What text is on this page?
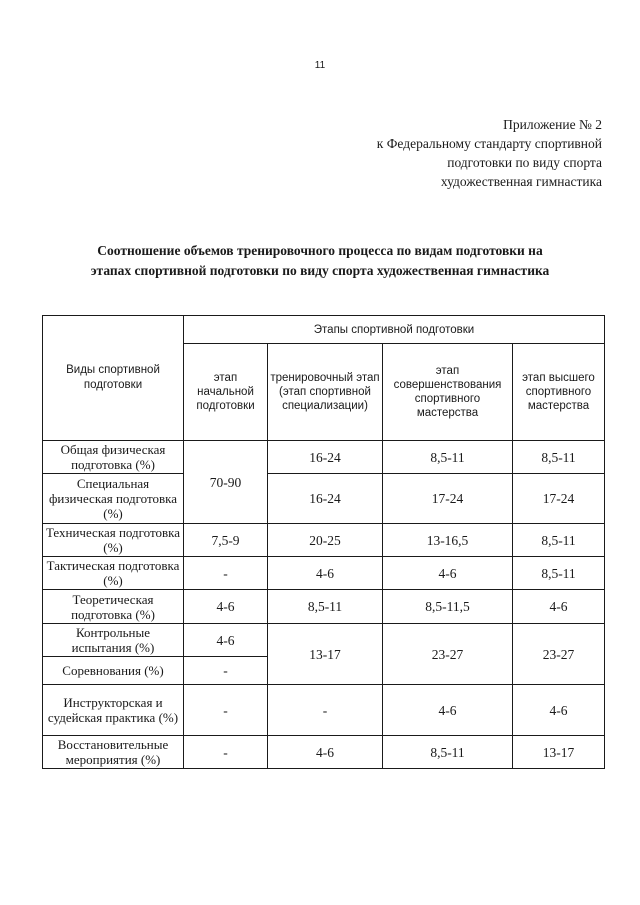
11
Приложение № 2
к Федеральному стандарту спортивной
подготовки по виду спорта
художественная гимнастика
Соотношение объемов тренировочного процесса по видам подготовки на
этапах спортивной подготовки по виду спорта художественная гимнастика
Виды спортивной подготовки	Этапы спортивной подготовки			
	этап начальной подготовки	тренировочный этап (этап спортивной специализации)	этап совершенствования спортивного мастерства	этап высшего спортивного мастерства
Общая физическая подготовка (%)	70-90	16-24	8,5-11	8,5-11
Специальная физическая подготовка (%)		16-24	17-24	17-24
Техническая подготовка (%)	7,5-9	20-25	13-16,5	8,5-11
Тактическая подготовка (%)	-	4-6	4-6	8,5-11
Теоретическая подготовка (%)	4-6	8,5-11	8,5-11,5	4-6
Контрольные испытания (%)	4-6	13-17	23-27	23-27
Соревнования (%)	-			
Инструкторская и судейская практика (%)	-	-	4-6	4-6
Восстановительные мероприятия (%)	-	4-6	8,5-11	13-17
